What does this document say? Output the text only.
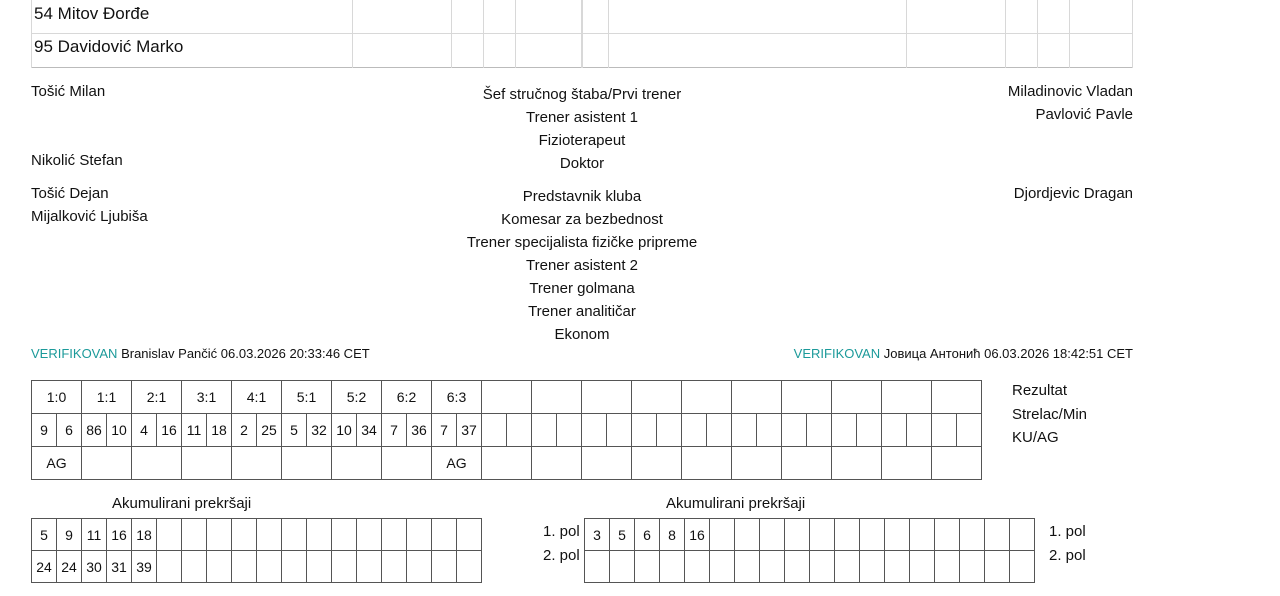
54 Mitov Đorđe
95 Davidović Marko
Tošić Milan
Nikolić Stefan
Tošić Dejan
Mijalković Ljubiša
Šef stručnog štaba/Prvi trener
Trener asistent 1
Fizioterapeut
Doktor
Predstavnik kluba
Komesar za bezbednost
Trener specijalista fizičke pripreme
Trener asistent 2
Trener golmana
Trener analitičar
Ekonom
Miladinovic Vladan
Pavlović Pavle
Djordjevic Dragan
VERIFIKOVAN Branislav Pančić 06.03.2026 20:33:46 CET	VERIFIKOVAN Јовица Антонић 06.03.2026 18:42:51 CET
1:0		1:1		2:1		3:1		4:1		5:1		5:2		6:2		6:3																					
9	6	86	10	4	16	11	18	2	25	5	32	10	34	7	36	7	37																				
AG																AG																					
Rezultat
Strelac/Min
KU/AG
Akumulirani prekršaji	Akumulirani prekršaji
5	9	11	16	18													
24	24	30	31	39													
1. pol
2. pol
3	5	6	8	16													
																		1. pol
2. pol
